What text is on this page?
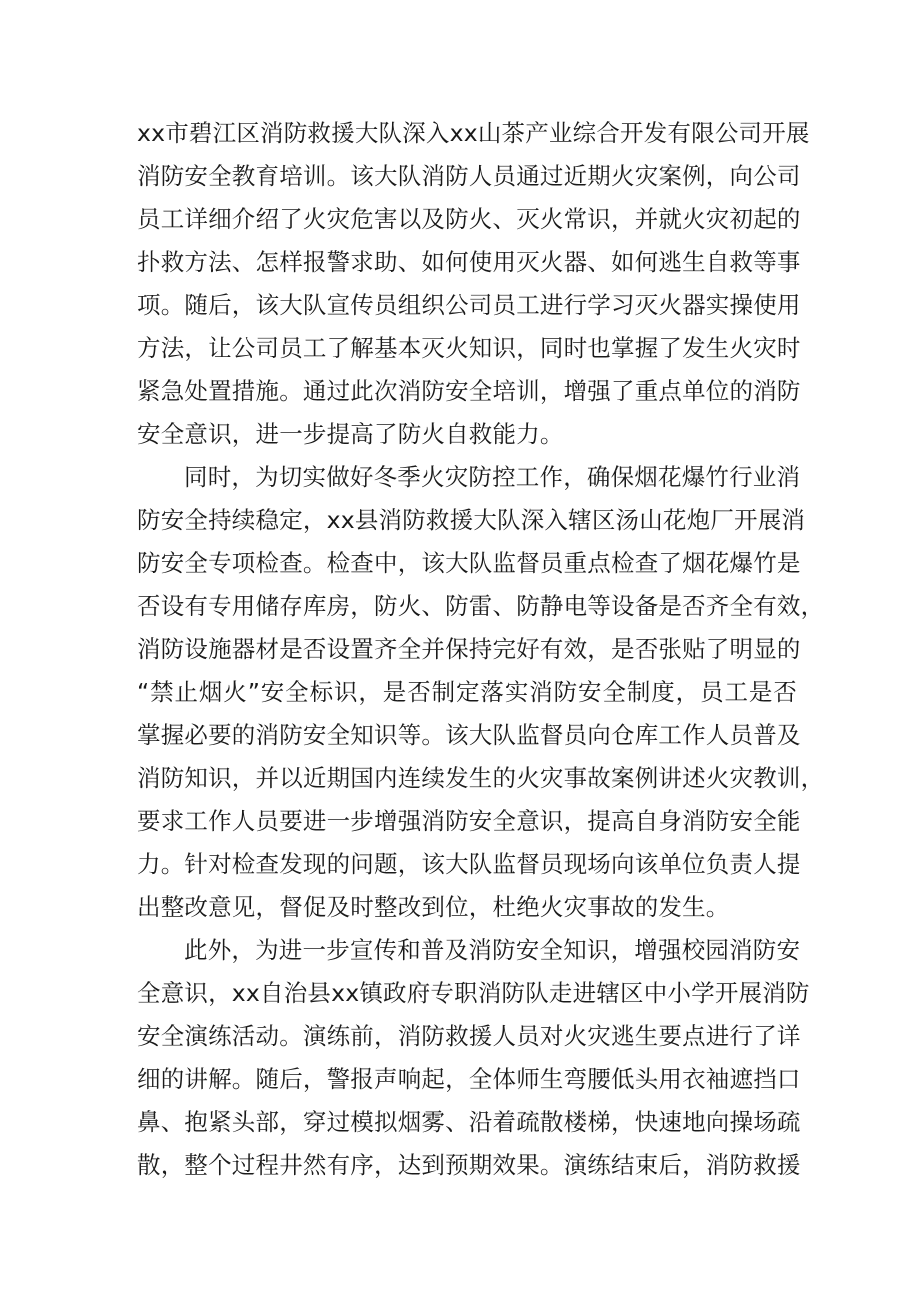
xx市碧江区消防救援大队深入xx山茶产业综合开发有限公司开展
消防安全教育培训。该大队消防人员通过近期火灾案例，向公司
员工详细介绍了火灾危害以及防火、灭火常识，并就火灾初起的
扑救方法、怎样报警求助、如何使用灭火器、如何逃生自救等事
项。随后，该大队宣传员组织公司员工进行学习灭火器实操使用
方法，让公司员工了解基本灭火知识，同时也掌握了发生火灾时
紧急处置措施。通过此次消防安全培训，增强了重点单位的消防
安全意识，进一步提高了防火自救能力。
同时，为切实做好冬季火灾防控工作，确保烟花爆竹行业消
防安全持续稳定，xx县消防救援大队深入辖区汤山花炮厂开展消
防安全专项检查。检查中，该大队监督员重点检查了烟花爆竹是
否设有专用储存库房，防火、防雷、防静电等设备是否齐全有效，
消防设施器材是否设置齐全并保持完好有效，是否张贴了明显的
“禁止烟火”安全标识，是否制定落实消防安全制度，员工是否
掌握必要的消防安全知识等。该大队监督员向仓库工作人员普及
消防知识，并以近期国内连续发生的火灾事故案例讲述火灾教训，
要求工作人员要进一步增强消防安全意识，提高自身消防安全能
力。针对检查发现的问题，该大队监督员现场向该单位负责人提
出整改意见，督促及时整改到位，杜绝火灾事故的发生。
此外，为进一步宣传和普及消防安全知识，增强校园消防安
全意识，xx自治县xx镇政府专职消防队走进辖区中小学开展消防
安全演练活动。演练前，消防救援人员对火灾逃生要点进行了详
细的讲解。随后，警报声响起，全体师生弯腰低头用衣袖遮挡口
鼻、抱紧头部，穿过模拟烟雾、沿着疏散楼梯，快速地向操场疏
散，整个过程井然有序，达到预期效果。演练结束后，消防救援
